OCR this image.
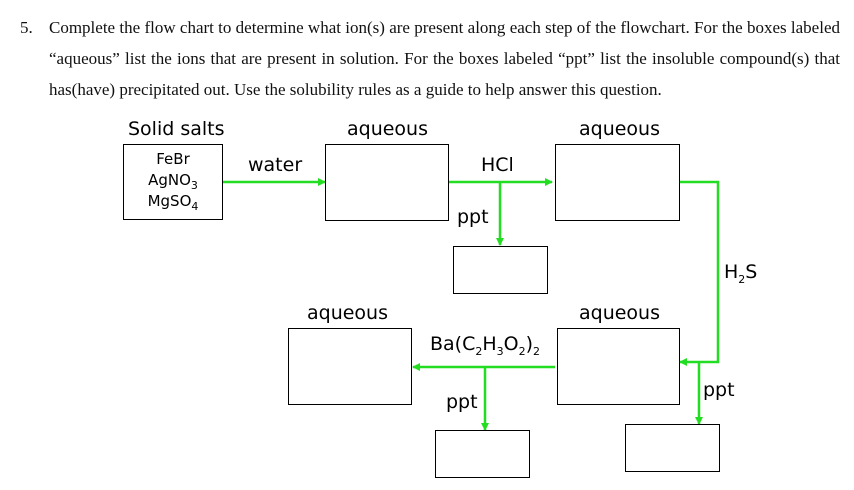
5. Complete the flow chart to determine what ion(s) are present along each step of the flowchart. For the boxes labeled “aqueous” list the ions that are present in solution. For the boxes labeled “ppt” list the insoluble compound(s) that has(have) precipitated out. Use the solubility rules as a guide to help answer this question.
Solid salts	aqueous	aqueous
water	HCl
ppt
$H_2S$
aqueous	aqueous
$Ba(C_2H_3O_2)_2$
ppt
ppt
FeBr
AgNO$_3$
MgSO$_4$
